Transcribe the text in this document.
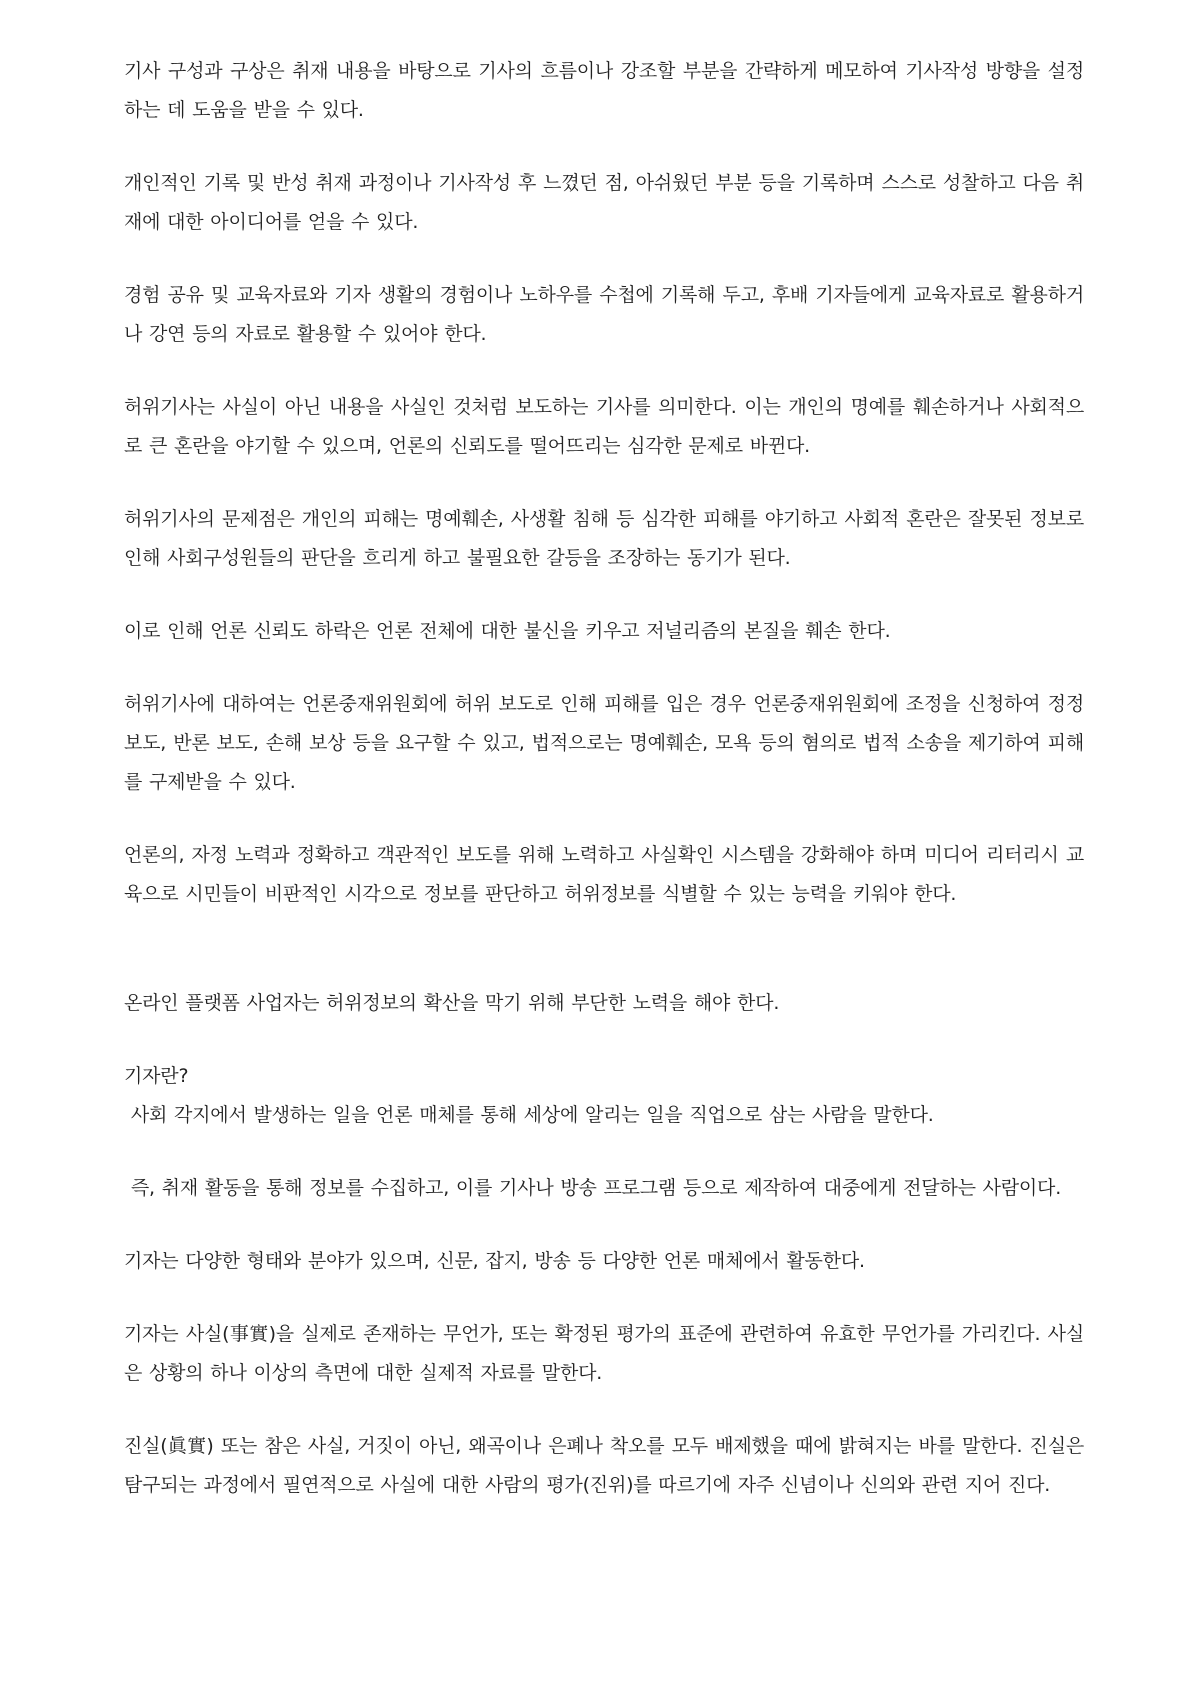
기사 구성과 구상은 취재 내용을 바탕으로 기사의 흐름이나 강조할 부분을 간략하게 메모하여 기사작성 방향을 설정하는 데 도움을 받을 수 있다.

개인적인 기록 및 반성 취재 과정이나 기사작성 후 느꼈던 점, 아쉬웠던 부분 등을 기록하며 스스로 성찰하고 다음 취재에 대한 아이디어를 얻을 수 있다.

경험 공유 및 교육자료와 기자 생활의 경험이나 노하우를 수첩에 기록해 두고, 후배 기자들에게 교육자료로 활용하거나 강연 등의 자료로 활용할 수 있어야 한다.

허위기사는 사실이 아닌 내용을 사실인 것처럼 보도하는 기사를 의미한다. 이는 개인의 명예를 훼손하거나 사회적으로 큰 혼란을 야기할 수 있으며, 언론의 신뢰도를 떨어뜨리는 심각한 문제로 바뀐다.

허위기사의 문제점은 개인의 피해는 명예훼손, 사생활 침해 등 심각한 피해를 야기하고 사회적 혼란은 잘못된 정보로 인해 사회구성원들의 판단을 흐리게 하고 불필요한 갈등을 조장하는 동기가 된다.

이로 인해 언론 신뢰도 하락은 언론 전체에 대한 불신을 키우고 저널리즘의 본질을 훼손 한다.

허위기사에 대하여는 언론중재위원회에 허위 보도로 인해 피해를 입은 경우 언론중재위원회에 조정을 신청하여 정정 보도, 반론 보도, 손해 보상 등을 요구할 수 있고, 법적으로는 명예훼손, 모욕 등의 혐의로 법적 소송을 제기하여 피해를 구제받을 수 있다.

언론의, 자정 노력과 정확하고 객관적인 보도를 위해 노력하고 사실확인 시스템을 강화해야 하며 미디어 리터리시 교육으로 시민들이 비판적인 시각으로 정보를 판단하고 허위정보를 식별할 수 있는 능력을 키워야 한다.

온라인 플랫폼 사업자는 허위정보의 확산을 막기 위해 부단한 노력을 해야 한다.

기자란?

사회 각지에서 발생하는 일을 언론 매체를 통해 세상에 알리는 일을 직업으로 삼는 사람을 말한다.

즉, 취재 활동을 통해 정보를 수집하고, 이를 기사나 방송 프로그램 등으로 제작하여 대중에게 전달하는 사람이다.

기자는 다양한 형태와 분야가 있으며, 신문, 잡지, 방송 등 다양한 언론 매체에서 활동한다.

기자는 사실(事實)을 실제로 존재하는 무언가, 또는 확정된 평가의 표준에 관련하여 유효한 무언가를 가리킨다. 사실은 상황의 하나 이상의 측면에 대한 실제적 자료를 말한다.

진실(眞實) 또는 참은 사실, 거짓이 아닌, 왜곡이나 은폐나 착오를 모두 배제했을 때에 밝혀지는 바를 말한다. 진실은 탐구되는 과정에서 필연적으로 사실에 대한 사람의 평가(진위)를 따르기에 자주 신념이나 신의와 관련 지어 진다.
